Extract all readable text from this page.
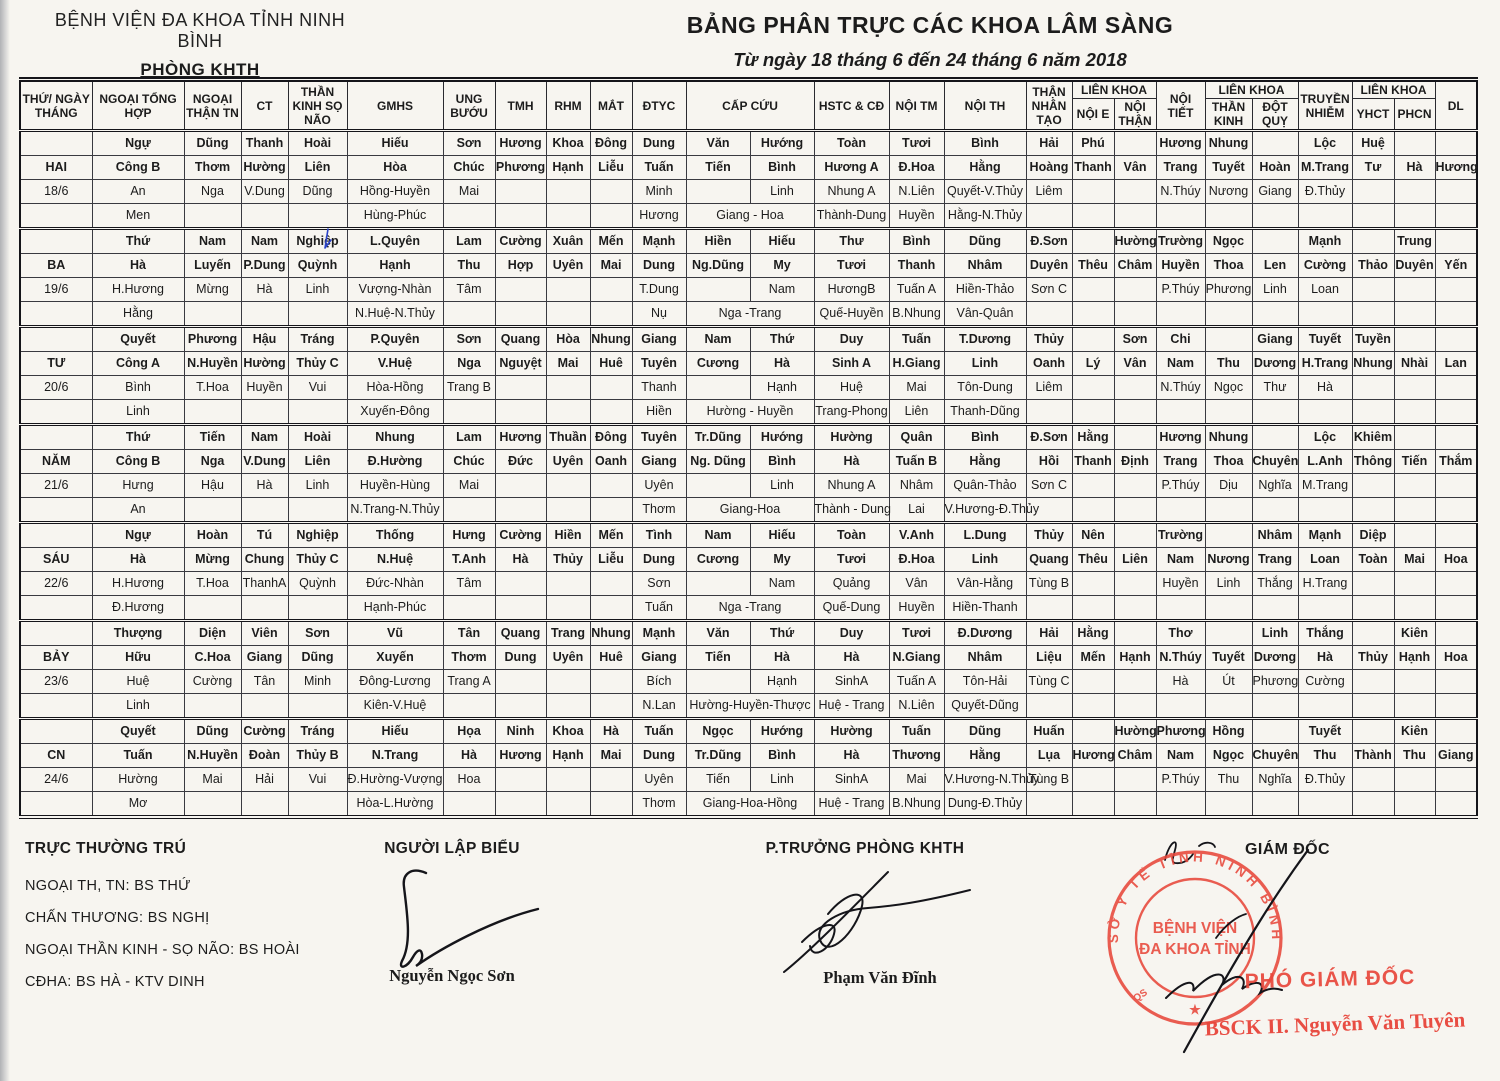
BỆNH VIỆN ĐA KHOA TỈNH NINH BÌNH
PHÒNG KHTH
BẢNG PHÂN TRỰC CÁC KHOA LÂM SÀNG
Từ ngày 18 tháng 6 đến 24 tháng 6 năm 2018
THỨ/ NGÀY THÁNG	NGOẠI TỔNG HỢP	NGOẠI THẬN TN	CT	THẦN KINH SỌ NÃO	GMHS	UNG BƯỚU	TMH	RHM	MẮT	ĐTYC	CẤP CỨU		HSTC & CĐ	NỘI TM	NỘI TH	THẬN NHÂN TẠO	LIÊN KHOA		NỘI TIẾT	LIÊN KHOA		TRUYỀN NHIỄM	LIÊN KHOA		DL
																	NỘI E	NỘI THẬN		THẦN KINH	ĐỘT QUỴ		YHCT	PHCN	
	Ngự	Dũng	Thanh	Hoài	Hiếu	Sơn	Hương	Khoa	Đông	Dung	Văn	Hướng	Toàn	Tươi	Bình	Hải	Phú		Hương	Nhung		Lộc	Huệ		
HAI	Công B	Thơm	Hường	Liên	Hòa	Chúc	Phương	Hạnh	Liễu	Tuấn	Tiến	Bình	Hương A	Đ.Hoa	Hằng	Hoàng	Thanh	Vân	Trang	Tuyết	Hoàn	M.Trang	Tư	Hà	Hương
18/6	An	Nga	V.Dung	Dũng	Hồng-Huyền	Mai				Minh		Linh	Nhung A	N.Liên	Quyết-V.Thủy	Liêm			N.Thúy	Nương	Giang	Đ.Thủy			
	Men				Hùng-Phúc					Hương	Giang - Hoa		Thành-Dung	Huyền	Hằng-N.Thủy										
	Thứ	Nam	Nam	Nghiệp	L.Quyên	Lam	Cường	Xuân	Mến	Mạnh	Hiền	Hiếu	Thư	Bình	Dũng	Đ.Sơn		Hường	Trường	Ngọc		Mạnh		Trung	
BA	Hà	Luyến	P.Dung	Quỳnh	Hạnh	Thu	Hợp	Uyên	Mai	Dung	Ng.Dũng	My	Tươi	Thanh	Nhâm	Duyên	Thêu	Châm	Huyền	Thoa	Len	Cường	Thảo	Duyên	Yến
19/6	H.Hương	Mừng	Hà	Linh	Vượng-Nhàn	Tâm				T.Dung		Nam	HươngB	Tuấn A	Hiền-Thảo	Sơn C			P.Thúy	Phương	Linh	Loan			
	Hằng				N.Huệ-N.Thủy					Nụ	Nga -Trang		Quế-Huyền	B.Nhung	Vân-Quân										
	Quyết	Phương	Hậu	Tráng	P.Quyên	Sơn	Quang	Hòa	Nhung	Giang	Nam	Thứ	Duy	Tuấn	T.Dương	Thủy		Sơn	Chi		Giang	Tuyết	Tuyền		
TƯ	Công A	N.Huyền	Hường	Thủy C	V.Huệ	Nga	Nguyệt	Mai	Huê	Tuyên	Cương	Hà	Sinh A	H.Giang	Linh	Oanh	Lý	Vân	Nam	Thu	Dương	H.Trang	Nhung	Nhài	Lan
20/6	Bình	T.Hoa	Huyền	Vui	Hòa-Hồng	Trang B				Thanh		Hạnh	Huệ	Mai	Tôn-Dung	Liêm			N.Thúy	Ngọc	Thư	Hà			
	Linh				Xuyến-Đông					Hiền	Hường - Huyền		Trang-Phong	Liên	Thanh-Dũng										
	Thứ	Tiến	Nam	Hoài	Nhung	Lam	Hương	Thuần	Đông	Tuyên	Tr.Dũng	Hướng	Hường	Quân	Bình	Đ.Sơn	Hằng		Hương	Nhung		Lộc	Khiêm		
NĂM	Công B	Nga	V.Dung	Liên	Đ.Hường	Chúc	Đức	Uyên	Oanh	Giang	Ng. Dũng	Bình	Hà	Tuấn B	Hằng	Hồi	Thanh	Định	Trang	Thoa	Chuyên	L.Anh	Thông	Tiến	Thắm
21/6	Hưng	Hậu	Hà	Linh	Huyền-Hùng	Mai				Uyên		Linh	Nhung A	Nhâm	Quân-Thảo	Sơn C			P.Thúy	Dịu	Nghĩa	M.Trang			
	An				N.Trang-N.Thủy					Thơm	Giang-Hoa		Thành - Dung	Lai	V.Hương-Đ.Thủy										
	Ngự	Hoàn	Tú	Nghiệp	Thống	Hưng	Cường	Hiền	Mến	Tình	Nam	Hiếu	Toàn	V.Anh	L.Dung	Thủy	Nên		Trường		Nhâm	Mạnh	Diệp		
SÁU	Hà	Mừng	Chung	Thủy C	N.Huệ	T.Anh	Hà	Thủy	Liễu	Dung	Cương	My	Tươi	Đ.Hoa	Linh	Quang	Thêu	Liên	Nam	Nương	Trang	Loan	Toàn	Mai	Hoa
22/6	H.Hương	T.Hoa	ThanhA	Quỳnh	Đức-Nhàn	Tâm				Sơn		Nam	Quảng	Vân	Vân-Hằng	Tùng B			Huyền	Linh	Thắng	H.Trang			
	Đ.Hương				Hạnh-Phúc					Tuấn	Nga -Trang		Quế-Dung	Huyền	Hiền-Thanh										
	Thượng	Diện	Viên	Sơn	Vũ	Tân	Quang	Trang	Nhung	Mạnh	Văn	Thứ	Duy	Tươi	Đ.Dương	Hải	Hằng		Thơ		Linh	Thắng		Kiên	
BẢY	Hữu	C.Hoa	Giang	Dũng	Xuyến	Thơm	Dung	Uyên	Huê	Giang	Tiến	Hà	Hà	N.Giang	Nhâm	Liệu	Mến	Hạnh	N.Thúy	Tuyết	Dương	Hà	Thủy	Hạnh	Hoa
23/6	Huệ	Cường	Tân	Minh	Đông-Lương	Trang A				Bích		Hạnh	SinhA	Tuấn A	Tôn-Hải	Tùng C			Hà	Út	Phương	Cường			
	Linh				Kiên-V.Huệ					N.Lan	Hường-Huyền-Thược		Huệ - Trang	N.Liên	Quyết-Dũng										
	Quyết	Dũng	Cường	Tráng	Hiếu	Họa	Ninh	Khoa	Hà	Tuấn	Ngọc	Hướng	Hường	Tuấn	Dũng	Huấn		Hường	Phương	Hồng		Tuyết		Kiên	
CN	Tuấn	N.Huyền	Đoàn	Thủy B	N.Trang	Hà	Hương	Hạnh	Mai	Dung	Tr.Dũng	Bình	Hà	Thương	Hằng	Lụa	Hương	Châm	Nam	Ngọc	Chuyên	Thu	Thành	Thu	Giang
24/6	Hường	Mai	Hải	Vui	Đ.Hường-Vượng	Hoa				Uyên	Tiến	Linh	SinhA	Mai	V.Hương-N.Thủy	Tùng B			P.Thúy	Thu	Nghĩa	Đ.Thủy			
	Mơ				Hòa-L.Hường					Thơm	Giang-Hoa-Hồng		Huệ - Trang	B.Nhung	Dung-Đ.Thủy										
TRỰC THƯỜNG TRÚ
NGOẠI TH, TN: BS THỨ
CHẤN THƯƠNG: BS NGHỊ
NGOẠI THẦN KINH - SỌ NÃO: BS HOÀI
CĐHA: BS HÀ - KTV DINH
NGƯỜI LẬP BIỂU
Nguyễn Ngọc Sơn
P.TRƯỞNG PHÒNG KHTH
Phạm Văn Đĩnh
GIÁM ĐỐC
SỞ Y TẾ TỈNH NINH BÌNH
BỆNH VIỆN
ĐA KHOA TỈNH
★
QS
PHÓ GIÁM ĐỐC
BSCK II. Nguyễn Văn Tuyên
